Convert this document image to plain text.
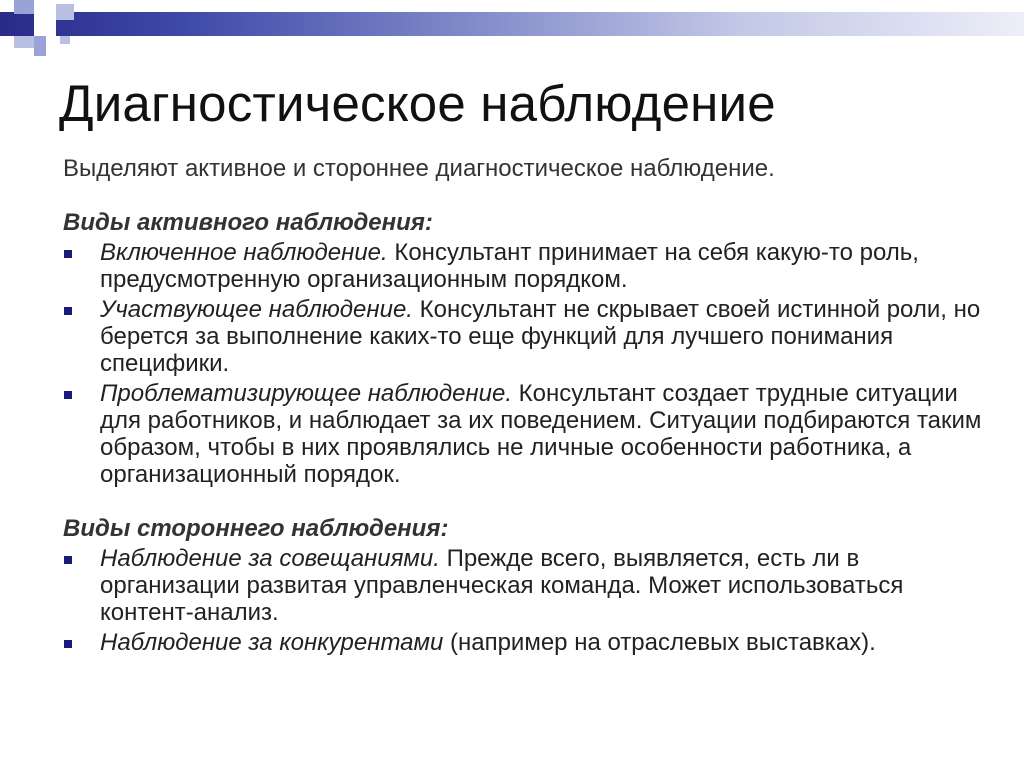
Диагностическое наблюдение

Выделяют активное и стороннее диагностическое наблюдение.

Виды активного наблюдения:

Включенное наблюдение. Консультант принимает на себя какую-то роль, предусмотренную организационным порядком.
Участвующее наблюдение. Консультант не скрывает своей истинной роли, но берется за выполнение каких-то еще функций для лучшего понимания специфики.
Проблематизирующее наблюдение. Консультант создает трудные ситуации для работников, и наблюдает за их поведением. Ситуации подбираются таким образом, чтобы в них проявлялись не личные особенности работника, а организационный порядок.

Виды стороннего наблюдения:

Наблюдение за совещаниями. Прежде всего, выявляется, есть ли в организации развитая управленческая команда. Может использоваться контент-анализ.
Наблюдение за конкурентами (например на отраслевых выставках).
